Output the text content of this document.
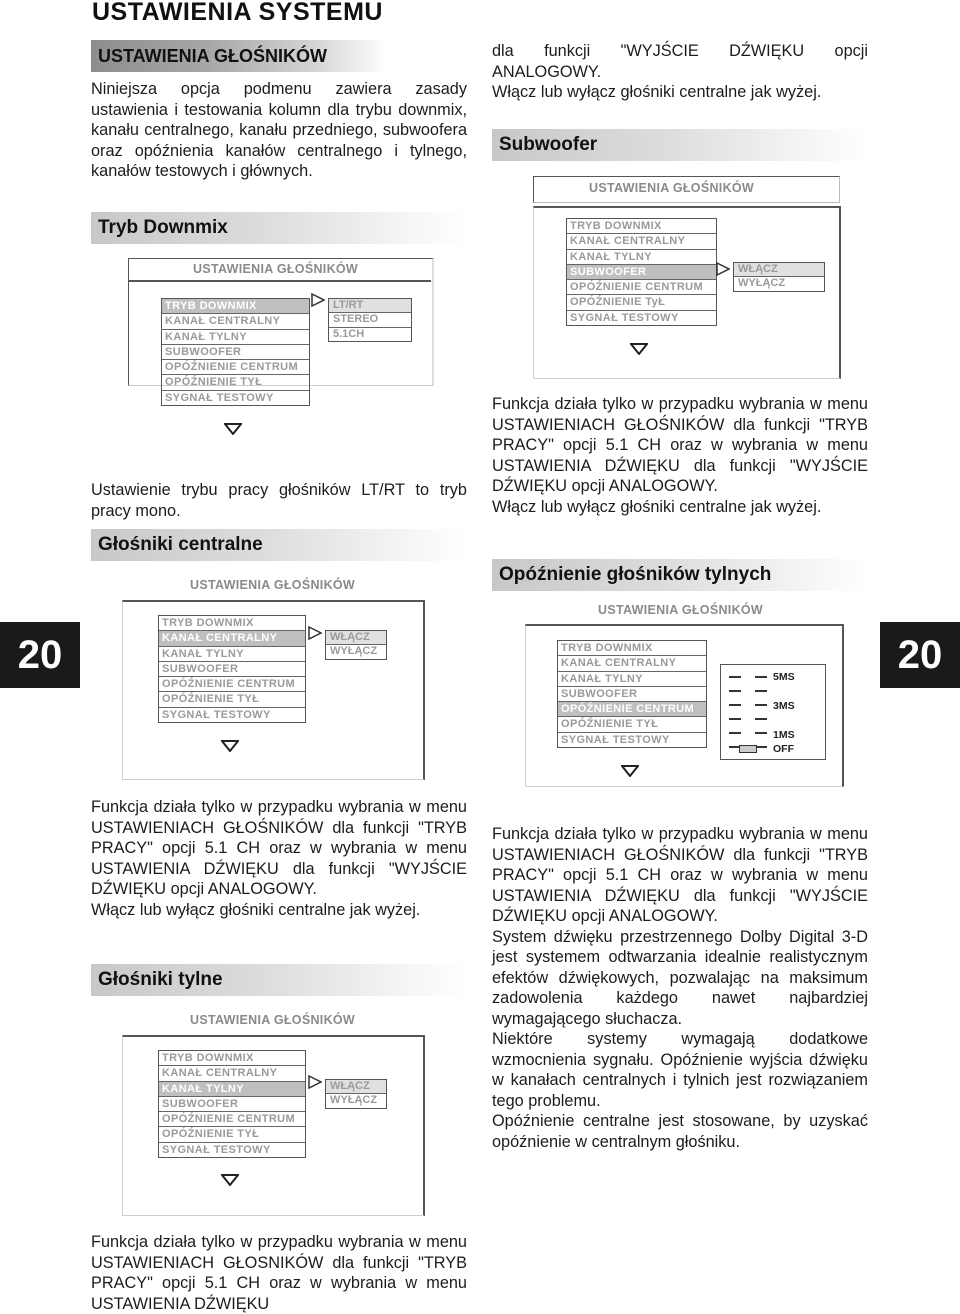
USTAWIENIA SYSTEMU
USTAWIENIA GŁOŚNIKÓW

Niniejsza opcja podmenu zawiera zasady ustawienia i testowania kolumn dla trybu downmix, kanału centralnego, kanału przedniego, subwoofera oraz opóźnienia kanałów centralnego i tylnego, kanałów testowych i głównych.

Tryb Downmix
USTAWIENIA GŁOŚNIKÓW
TRYB DOWNMIX
KANAŁ CENTRALNY
KANAŁ TYLNY
SUBWOOFER
OPÓŹNIENIE CENTRUM
OPÓŹNIENIE TYŁ
SYGNAŁ TESTOWY
LT/RT
STEREO
5.1CH

Ustawienie trybu pracy głośników LT/RT to tryb pracy mono.

Głośniki centralne
USTAWIENIA GŁOŚNIKÓW
TRYB DOWNMIX
KANAŁ CENTRALNY
KANAŁ TYLNY
SUBWOOFER
OPÓŹNIENIE CENTRUM
OPÓŹNIENIE TYŁ
SYGNAŁ TESTOWY
WŁĄCZ
WYŁĄCZ

Funkcja działa tylko w przypadku wybrania w menu USTAWIENIACH GŁOŚNIKÓW dla funkcji "TRYB PRACY" opcji 5.1 CH oraz w wybrania w menu USTAWIENIA DŹWIĘKU dla funkcji "WYJŚCIE DŹWIĘKU opcji ANALOGOWY.

Włącz lub wyłącz głośniki centralne jak wyżej.

Głośniki tylne
USTAWIENIA GŁOŚNIKÓW
TRYB DOWNMIX
KANAŁ CENTRALNY
KANAŁ TYLNY
SUBWOOFER
OPÓŹNIENIE CENTRUM
OPÓŹNIENIE TYŁ
SYGNAŁ TESTOWY
WŁĄCZ
WYŁĄCZ

Funkcja działa tylko w przypadku wybrania w menu USTAWIENIACH GŁOSNIKÓW dla funkcji "TRYB PRACY" opcji 5.1 CH oraz w wybrania w menu USTAWIENIA DŹWIĘKU

dla funkcji "WYJŚCIE DŹWIĘKU opcji ANALOGOWY.

Włącz lub wyłącz głośniki centralne jak wyżej.

Subwoofer
USTAWIENIA GŁOŚNIKÓW
TRYB DOWNMIX
KANAŁ CENTRALNY
KANAŁ TYLNY
SUBWOOFER
OPÓŹNIENIE CENTRUM
OPÓŹNIENIE TyŁ
SYGNAŁ TESTOWY
WŁĄCZ
WYŁĄCZ

Funkcja działa tylko w przypadku wybrania w menu USTAWIENIACH GŁOŚNIKÓW dla funkcji "TRYB PRACY" opcji 5.1 CH oraz w wybrania w menu USTAWIENIA DŹWIĘKU dla funkcji "WYJŚCIE DŹWIĘKU opcji ANALOGOWY.

Włącz lub wyłącz głośniki centralne jak wyżej.

Opóźnienie głośników tylnych
USTAWIENIA GŁOŚNIKÓW
TRYB DOWNMIX
KANAŁ CENTRALNY
KANAŁ TYLNY
SUBWOOFER
OPÓŹNIENIE CENTRUM
OPÓŹNIENIE TYŁ
SYGNAŁ TESTOWY
5MS
3MS
1MS
OFF

Funkcja działa tylko w przypadku wybrania w menu USTAWIENIACH GŁOŚNIKÓW dla funkcji "TRYB PRACY" opcji 5.1 CH oraz w wybrania w menu USTAWIENIA DŹWIĘKU dla funkcji "WYJŚCIE DŹWIĘKU opcji ANALOGOWY.

System dźwięku przestrzennego Dolby Digital 3-D jest systemem odtwarzania idealnie realistycznym efektów dźwiękowych, pozwalając na maksimum zadowolenia każdego nawet najbardziej wymagającego słuchacza.

Niektóre systemy wymagają dodatkowe wzmocnienia sygnału. Opóźnienie wyjścia dźwięku w kanałach centralnych i tylnich jest rozwiązaniem tego problemu.

Opóźnienie centralne jest stosowane, by uzyskać opóźnienie w centralnym głośniku.

20	20
